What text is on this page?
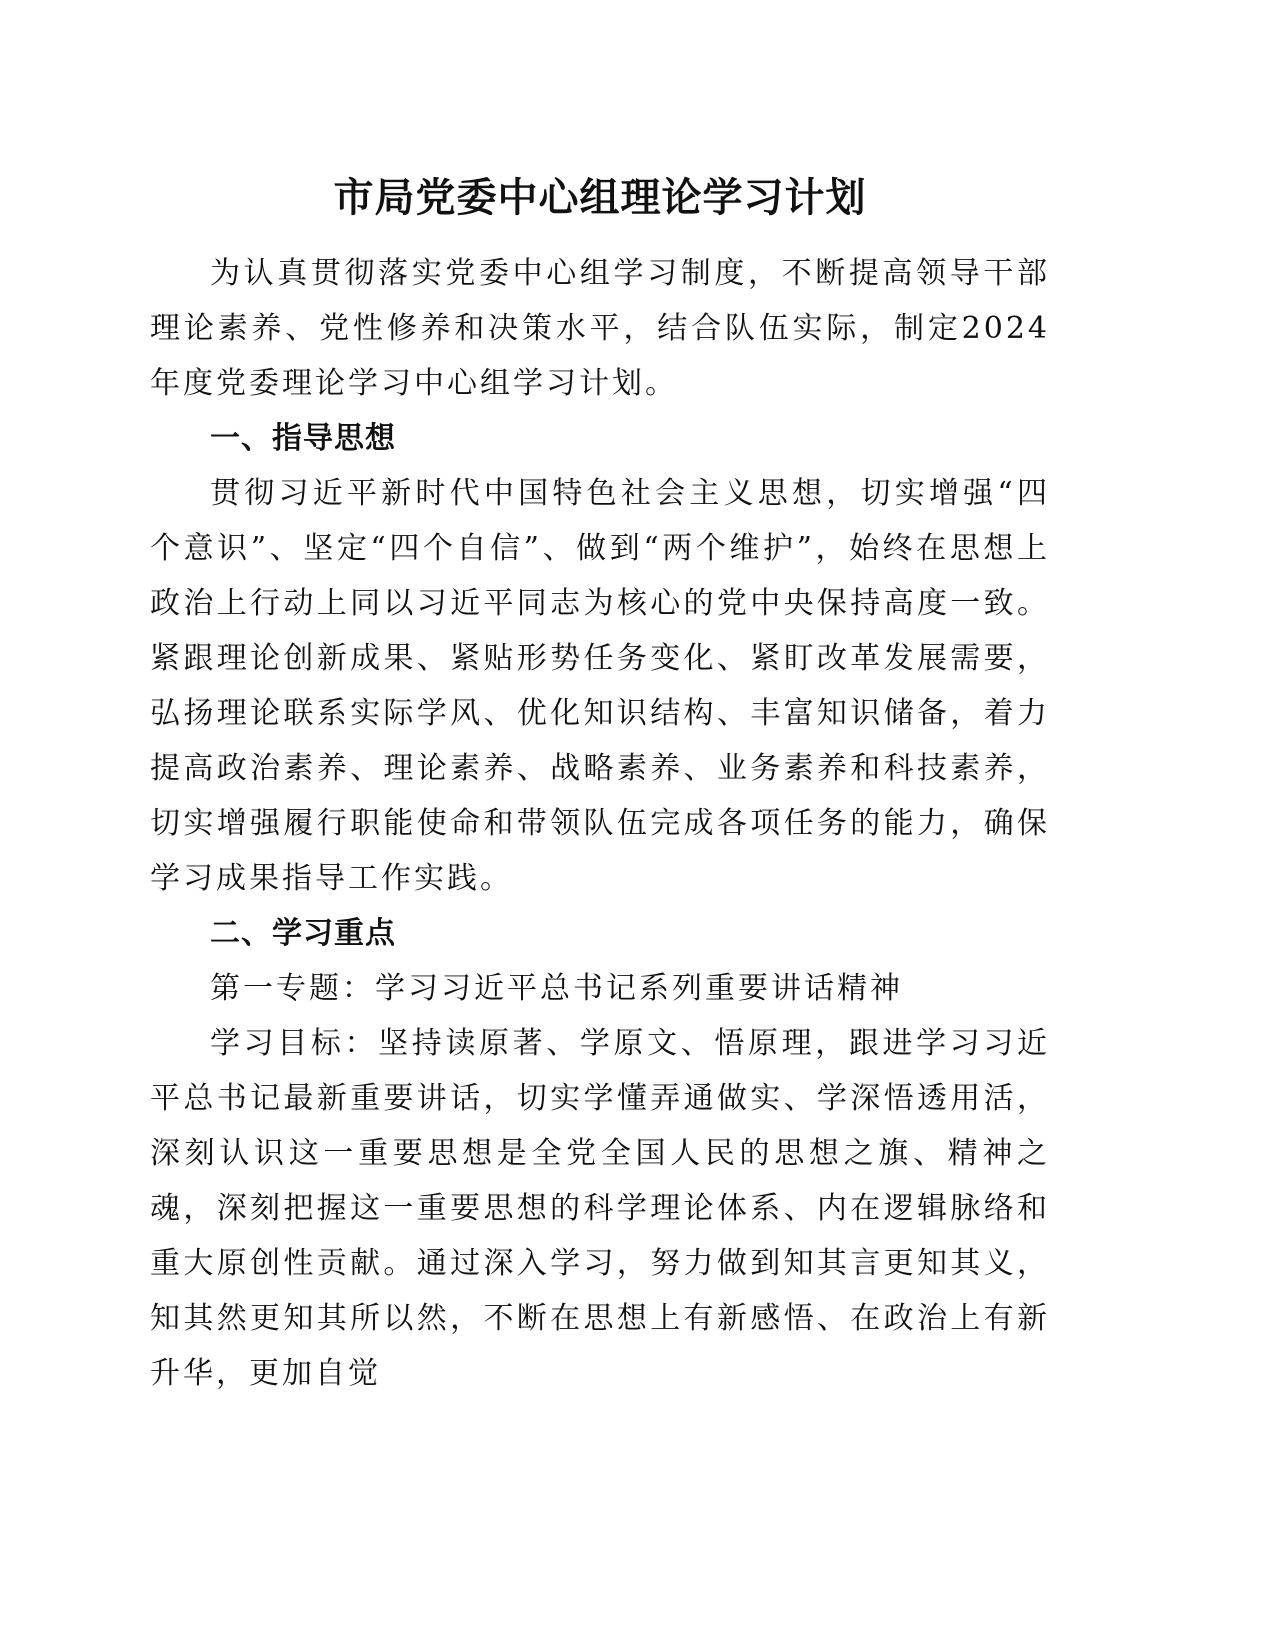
市局党委中心组理论学习计划

为认真贯彻落实党委中心组学习制度，不断提高领导干部理论素养、党性修养和决策水平，结合队伍实际，制定2024年度党委理论学习中心组学习计划。

一、指导思想

贯彻习近平新时代中国特色社会主义思想，切实增强“四个意识”、坚定“四个自信”、做到“两个维护”，始终在思想上政治上行动上同以习近平同志为核心的党中央保持高度一致。紧跟理论创新成果、紧贴形势任务变化、紧盯改革发展需要，弘扬理论联系实际学风、优化知识结构、丰富知识储备，着力提高政治素养、理论素养、战略素养、业务素养和科技素养，切实增强履行职能使命和带领队伍完成各项任务的能力，确保学习成果指导工作实践。

二、学习重点

第一专题：学习习近平总书记系列重要讲话精神

学习目标：坚持读原著、学原文、悟原理，跟进学习习近平总书记最新重要讲话，切实学懂弄通做实、学深悟透用活，深刻认识这一重要思想是全党全国人民的思想之旗、精神之魂，深刻把握这一重要思想的科学理论体系、内在逻辑脉络和重大原创性贡献。通过深入学习，努力做到知其言更知其义，知其然更知其所以然，不断在思想上有新感悟、在政治上有新升华，更加自觉
